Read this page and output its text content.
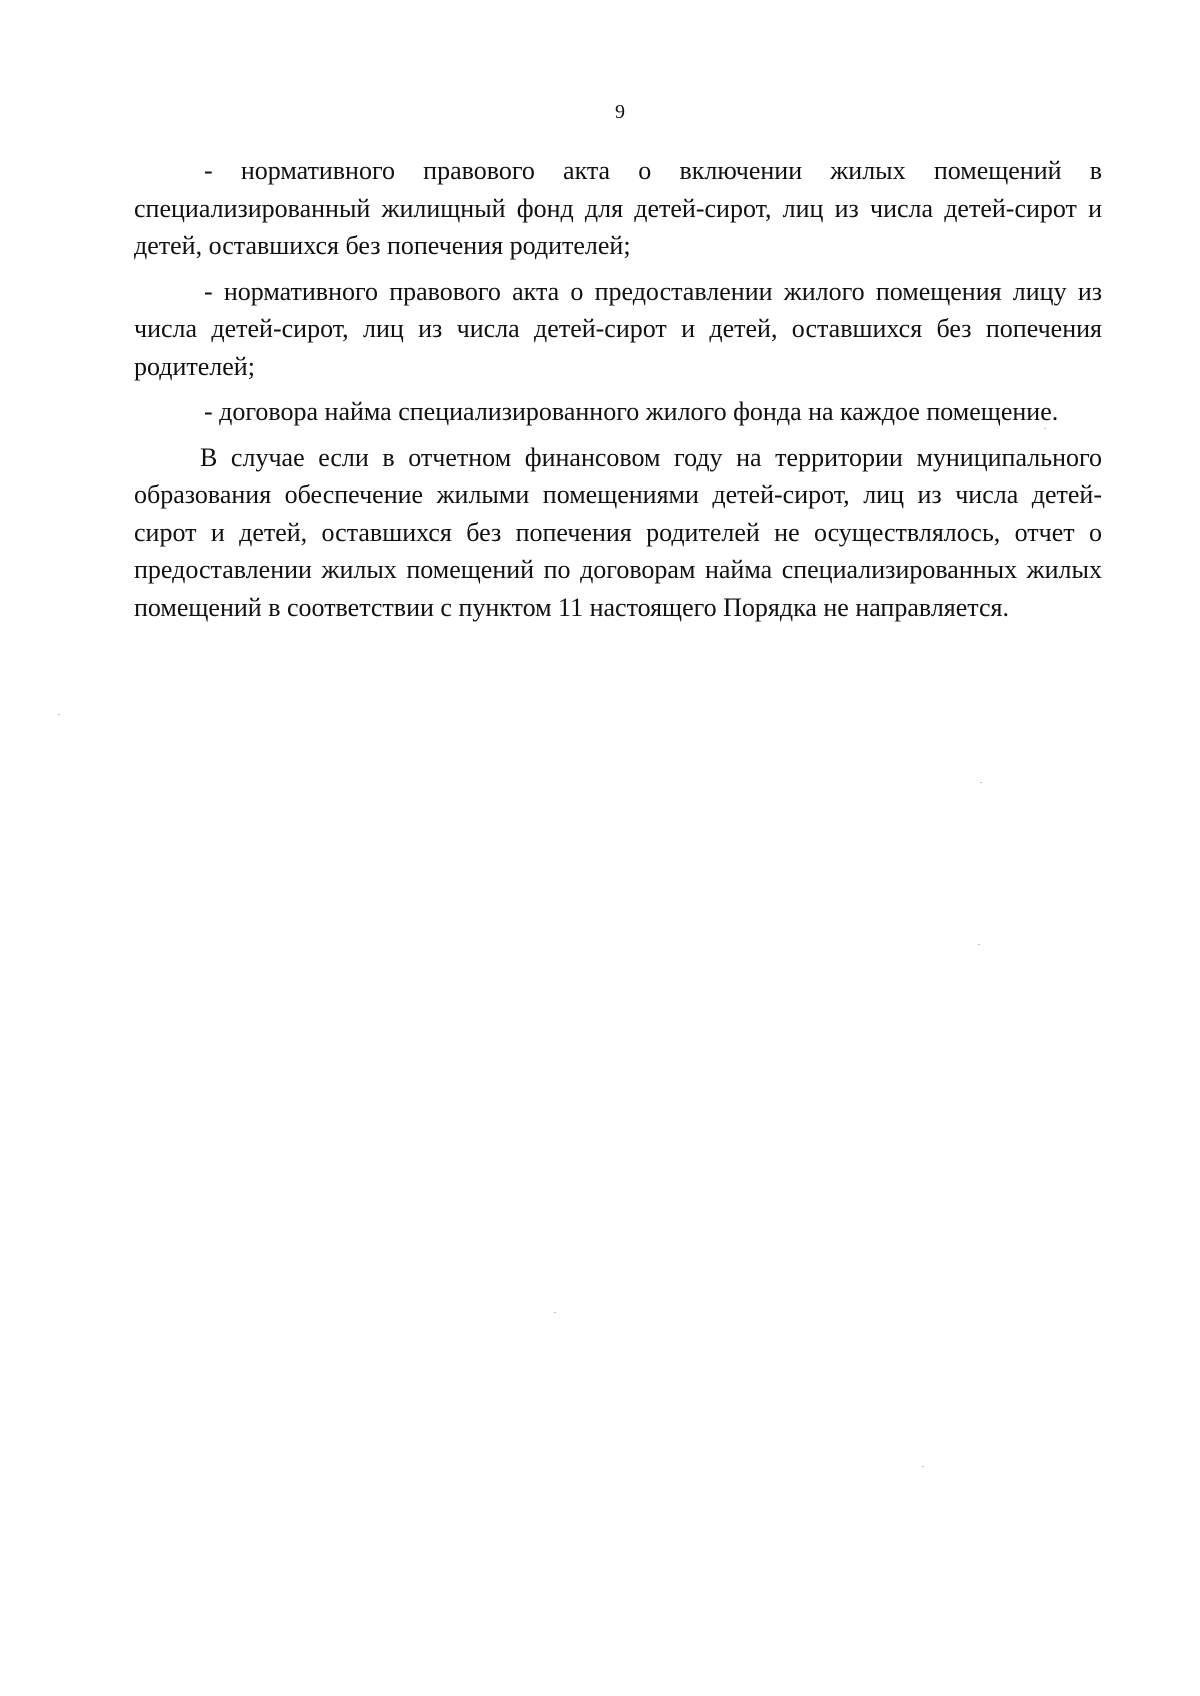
9

- нормативного правового акта о включении жилых помещений в специализированный жилищный фонд для детей-сирот, лиц из числа детей-сирот и детей, оставшихся без попечения родителей;

- нормативного правового акта о предоставлении жилого помещения лицу из числа детей-сирот, лиц из числа детей-сирот и детей, оставшихся без попечения родителей;

- договора найма специализированного жилого фонда на каждое помещение.

В случае если в отчетном финансовом году на территории муниципального образования обеспечение жилыми помещениями детей-сирот, лиц из числа детей-сирот и детей, оставшихся без попечения родителей не осуществлялось, отчет о предоставлении жилых помещений по договорам найма специализированных жилых помещений в соответствии с пунктом 11 настоящего Порядка не направляется.
